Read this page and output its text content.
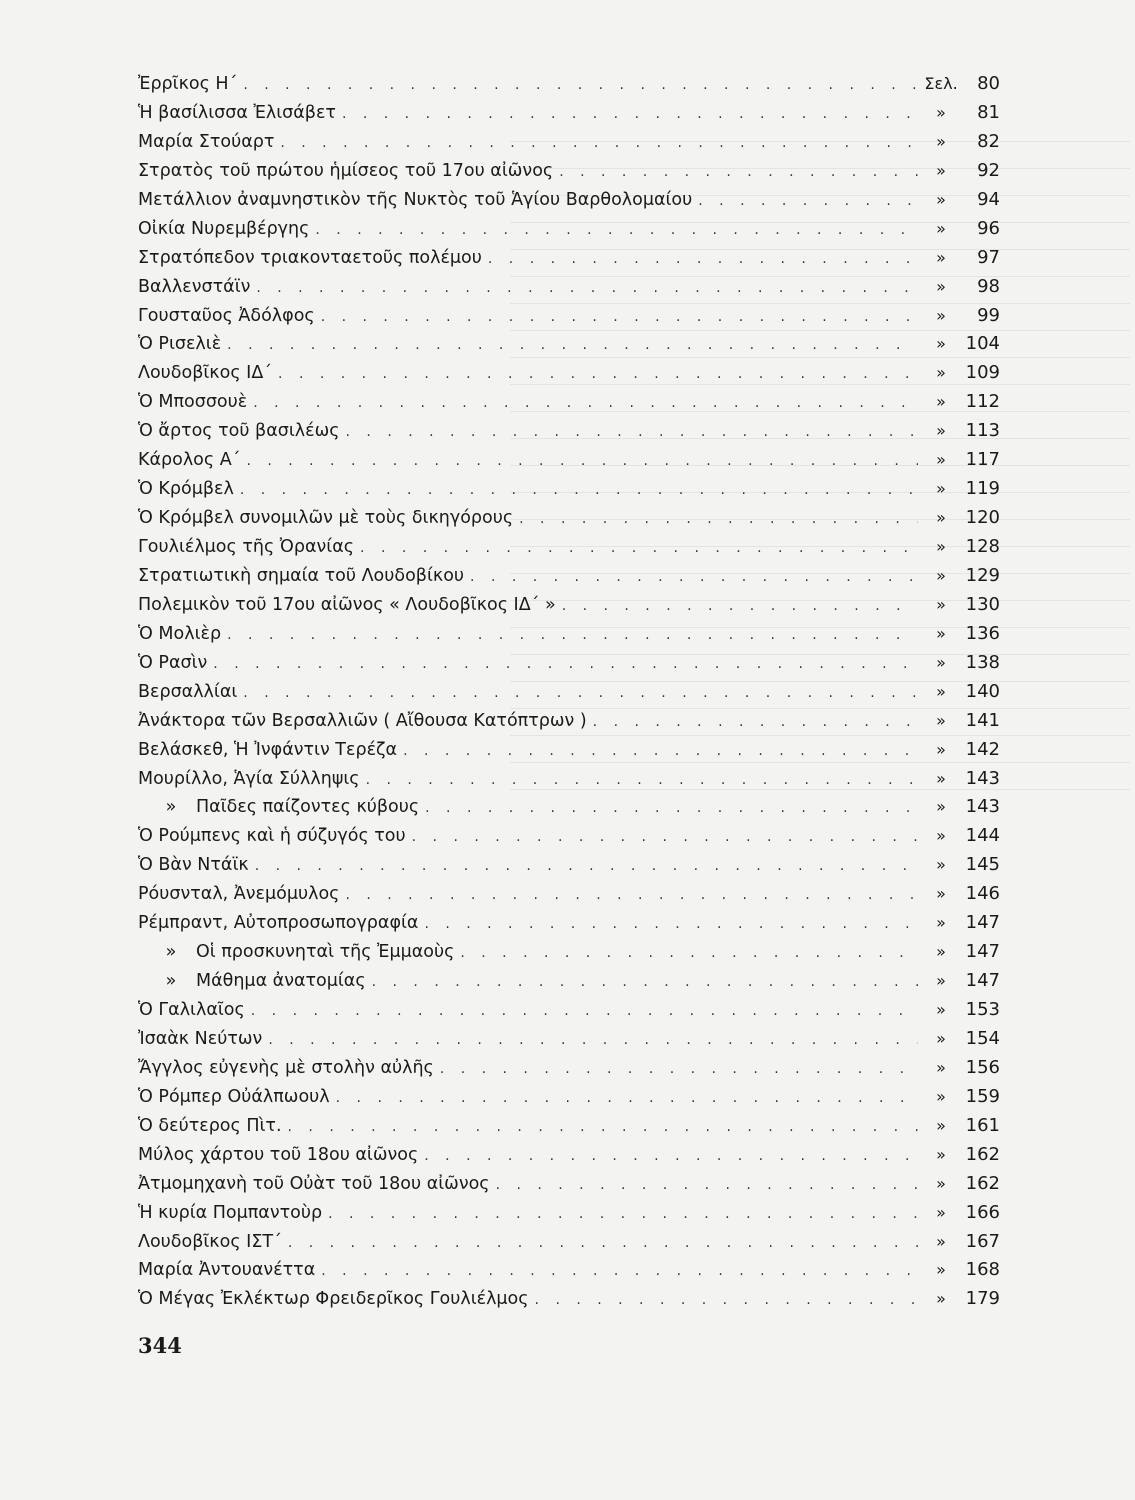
Ἐρρῖκος Η΄ . . .	Σελ.	80
Ἡ βασίλισσα Ἐλισάβετ . . .	»	81
Μαρία Στούαρτ . . .	»	82
Στρατὸς τοῦ πρώτου ἡμίσεος τοῦ 17ου αἰῶνος . . .	»	92
Μετάλλιον ἀναμνηστικὸν τῆς Νυκτὸς τοῦ Ἁγίου Βαρθολομαίου . . .	»	94
Οἰκία Νυρεμβέργης . . .	»	96
Στρατόπεδον τριακονταετοῦς πολέμου . . .	»	97
Βαλλενστάϊν . . .	»	98
Γουσταῦος Ἀδόλφος . . .	»	99
Ὁ Ρισελιὲ . . .	»	104
Λουδοβῖκος ΙΔ΄ . . .	»	109
Ὁ Μποσσουὲ . . .	»	112
Ὁ ἄρτος τοῦ βασιλέως . . .	»	113
Κάρολος Α΄ . . .	»	117
Ὁ Κρόμβελ . . .	»	119
Ὁ Κρόμβελ συνομιλῶν μὲ τοὺς δικηγόρους . . .	»	120
Γουλιέλμος τῆς Ὀρανίας . . .	»	128
Στρατιωτικὴ σημαία τοῦ Λουδοβίκου . . .	»	129
Πολεμικὸν τοῦ 17ου αἰῶνος « Λουδοβῖκος ΙΔ΄ » . . .	»	130
Ὁ Μολιὲρ . . .	»	136
Ὁ Ρασὶν . . .	»	138
Βερσαλλίαι . . .	»	140
Ἀνάκτορα τῶν Βερσαλλιῶν ( Αἴθουσα Κατόπτρων ) . . .	»	141
Βελάσκεθ, Ἡ Ἰνφάντιν Τερέζα . . .	»	142
Μουρίλλο, Ἁγία Σύλληψις . . .	»	143
» Παῖδες παίζοντες κύβους . . .	»	143
Ὁ Ρούμπενς καὶ ἡ σύζυγός του . . .	»	144
Ὁ Βὰν Ντάϊκ . . .	»	145
Ρόυσνταλ, Ἀνεμόμυλος . . .	»	146
Ρέμπραντ, Αὐτοπροσωπογραφία . . .	»	147
» Οἱ προσκυνηταὶ τῆς Ἐμμαοὺς . . .	»	147
» Μάθημα ἀνατομίας . . .	»	147
Ὁ Γαλιλαῖος . . .	»	153
Ἰσαὰκ Νεύτων . . .	»	154
Ἄγγλος εὐγενὴς μὲ στολὴν αὐλῆς . . .	»	156
Ὁ Ρόμπερ Οὐάλπωουλ . . .	»	159
Ὁ δεύτερος Πὶτ. . . .	»	161
Μύλος χάρτου τοῦ 18ου αἰῶνος . . .	»	162
Ἀτμομηχανὴ τοῦ Οὐὰτ τοῦ 18ου αἰῶνος . . .	»	162
Ἡ κυρία Πομπαντοὺρ . . .	»	166
Λουδοβῖκος ΙΣΤ΄ . . .	»	167
Μαρία Ἀντουανέττα . . .	»	168
Ὁ Μέγας Ἐκλέκτωρ Φρειδερῖκος Γουλιέλμος . . .	»	179
344
